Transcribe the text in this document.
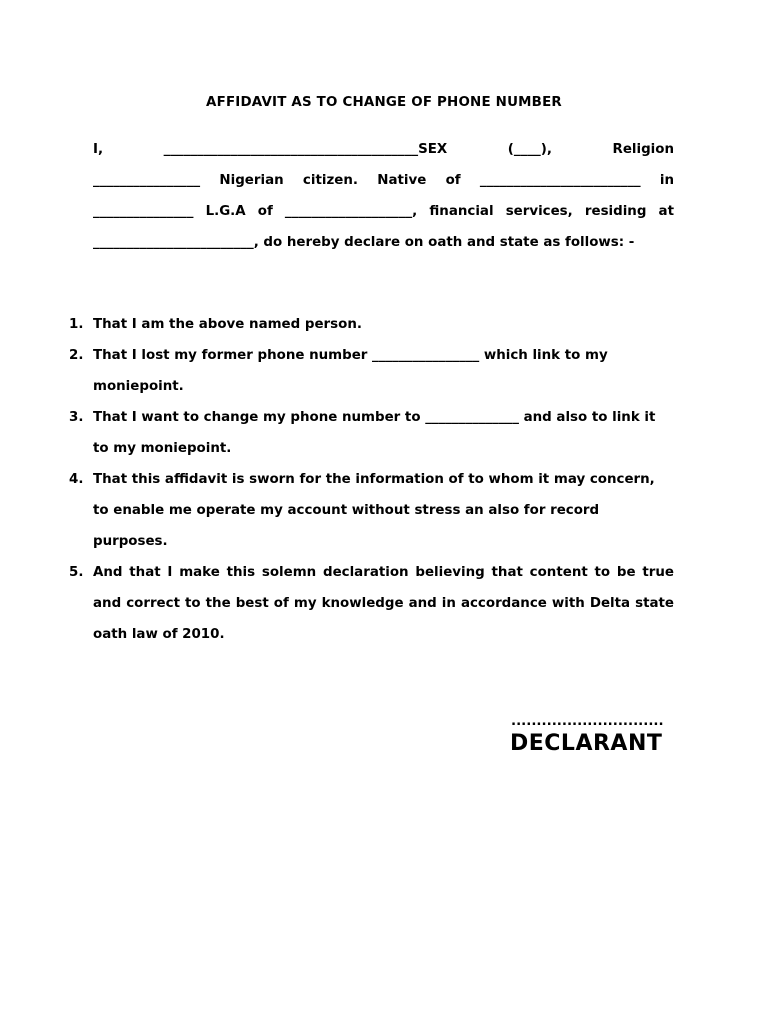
AFFIDAVIT AS TO CHANGE OF PHONE NUMBER

I, ______________________________________SEX (____), Religion

________________ Nigerian citizen. Native of ________________________ in

_______________ L.G.A of ___________________, financial services, residing at

________________________, do hereby declare on oath and state as follows: -

1. That I am the above named person.
2. That I lost my former phone number ________________ which link to my moniepoint.
3. That I want to change my phone number to ______________ and also to link it to my moniepoint.
4. That this affidavit is sworn for the information of to whom it may concern, to enable me operate my account without stress an also for record purposes.
5. And that I make this solemn declaration believing that content to be true and correct to the best of my knowledge and in accordance with Delta state oath law of 2010.
..............................
DECLARANT
